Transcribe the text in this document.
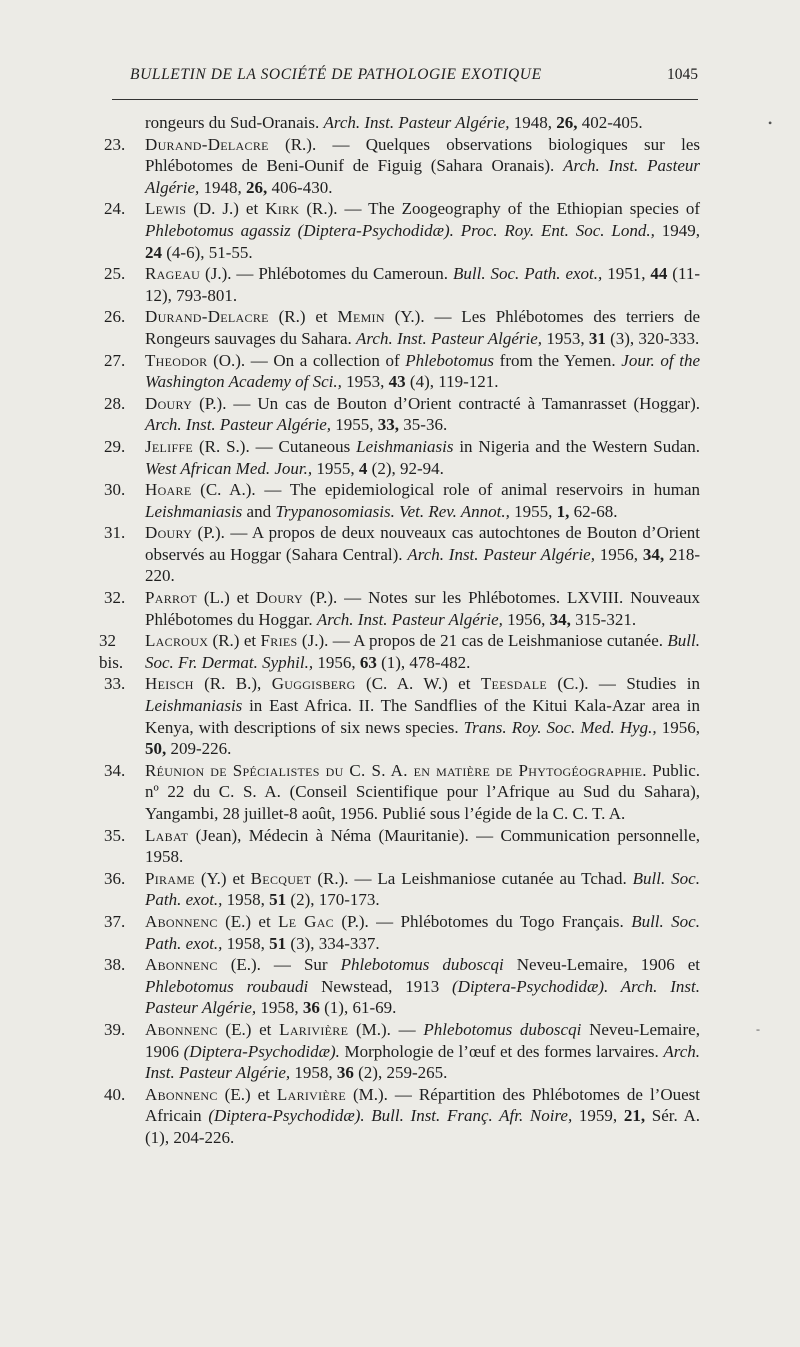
BULLETIN DE LA SOCIÉTÉ DE PATHOLOGIE EXOTIQUE	1045
•
-

rongeurs du Sud-Oranais. Arch. Inst. Pasteur Algérie, 1948, 26, 402-405.

23.	Durand-Delacre (R.). — Quelques observations biologiques sur les Phlébotomes de Beni-Ounif de Figuig (Sahara Oranais). Arch. Inst. Pasteur Algérie, 1948, 26, 406-430.

24.	Lewis (D. J.) et Kirk (R.). — The Zoogeography of the Ethiopian species of Phlebotomus agassiz (Diptera-Psychodidæ). Proc. Roy. Ent. Soc. Lond., 1949, 24 (4-6), 51-55.

25.	Rageau (J.). — Phlébotomes du Cameroun. Bull. Soc. Path. exot., 1951, 44 (11-12), 793-801.

26.	Durand-Delacre (R.) et Memin (Y.). — Les Phlébotomes des terriers de Rongeurs sauvages du Sahara. Arch. Inst. Pasteur Algérie, 1953, 31 (3), 320-333.

27.	Theodor (O.). — On a collection of Phlebotomus from the Yemen. Jour. of the Washington Academy of Sci., 1953, 43 (4), 119-121.

28.	Doury (P.). — Un cas de Bouton d’Orient contracté à Tamanrasset (Hoggar). Arch. Inst. Pasteur Algérie, 1955, 33, 35-36.

29.	Jeliffe (R. S.). — Cutaneous Leishmaniasis in Nigeria and the Western Sudan. West African Med. Jour., 1955, 4 (2), 92-94.

30.	Hoare (C. A.). — The epidemiological role of animal reservoirs in human Leishmaniasis and Trypanosomiasis. Vet. Rev. Annot., 1955, 1, 62-68.

31.	Doury (P.). — A propos de deux nouveaux cas autochtones de Bouton d’Orient observés au Hoggar (Sahara Central). Arch. Inst. Pasteur Algérie, 1956, 34, 218-220.

32.	Parrot (L.) et Doury (P.). — Notes sur les Phlébotomes. LXVIII. Nouveaux Phlébotomes du Hoggar. Arch. Inst. Pasteur Algérie, 1956, 34, 315-321.

32 bis.
Lacroux (R.) et Fries (J.). — A propos de 21 cas de Leishmaniose cutanée. Bull. Soc. Fr. Dermat. Syphil., 1956, 63 (1), 478-482.

33.	Heisch (R. B.), Guggisberg (C. A. W.) et Teesdale (C.). — Studies in Leishmaniasis in East Africa. II. The Sandflies of the Kitui Kala-Azar area in Kenya, with descriptions of six news species. Trans. Roy. Soc. Med. Hyg., 1956, 50, 209-226.

34.	Réunion de Spécialistes du C. S. A. en matière de Phytogéographie. Public. nº 22 du C. S. A. (Conseil Scientifique pour l’Afrique au Sud du Sahara), Yangambi, 28 juillet-8 août, 1956. Publié sous l’égide de la C. C. T. A.

35.	Labat (Jean), Médecin à Néma (Mauritanie). — Communication personnelle, 1958.

36.	Pirame (Y.) et Becquet (R.). — La Leishmaniose cutanée au Tchad. Bull. Soc. Path. exot., 1958, 51 (2), 170-173.

37.	Abonnenc (E.) et Le Gac (P.). — Phlébotomes du Togo Français. Bull. Soc. Path. exot., 1958, 51 (3), 334-337.

38.	Abonnenc (E.). — Sur Phlebotomus duboscqi Neveu-Lemaire, 1906 et Phlebotomus roubaudi Newstead, 1913 (Diptera-Psychodidæ). Arch. Inst. Pasteur Algérie, 1958, 36 (1), 61-69.

39.	Abonnenc (E.) et Larivière (M.). — Phlebotomus duboscqi Neveu-Lemaire, 1906 (Diptera-Psychodidæ). Morphologie de l’œuf et des formes larvaires. Arch. Inst. Pasteur Algérie, 1958, 36 (2), 259-265.

40.	Abonnenc (E.) et Larivière (M.). — Répartition des Phlébotomes de l’Ouest Africain (Diptera-Psychodidæ). Bull. Inst. Franç. Afr. Noire, 1959, 21, Sér. A. (1), 204-226.
